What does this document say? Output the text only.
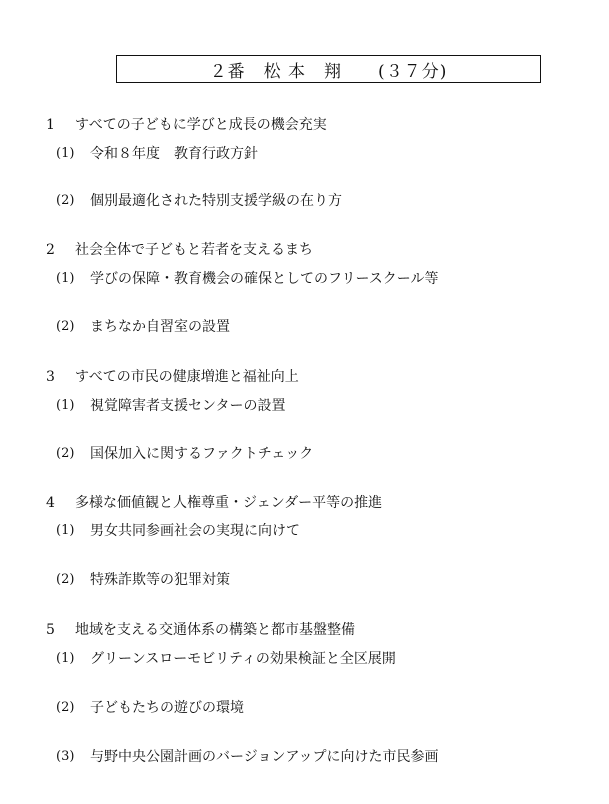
２番　松 本　翔　　(３７分)
1 すべての子どもに学びと成長の機会充実
(1) 令和８年度　教育行政方針
(2) 個別最適化された特別支援学級の在り方
2 社会全体で子どもと若者を支えるまち
(1) 学びの保障・教育機会の確保としてのフリースクール等
(2) まちなか自習室の設置
3 すべての市民の健康増進と福祉向上
(1) 視覚障害者支援センターの設置
(2) 国保加入に関するファクトチェック
4 多様な価値観と人権尊重・ジェンダー平等の推進
(1) 男女共同参画社会の実現に向けて
(2) 特殊詐欺等の犯罪対策
5 地域を支える交通体系の構築と都市基盤整備
(1) グリーンスローモビリティの効果検証と全区展開
(2) 子どもたちの遊びの環境
(3) 与野中央公園計画のバージョンアップに向けた市民参画
